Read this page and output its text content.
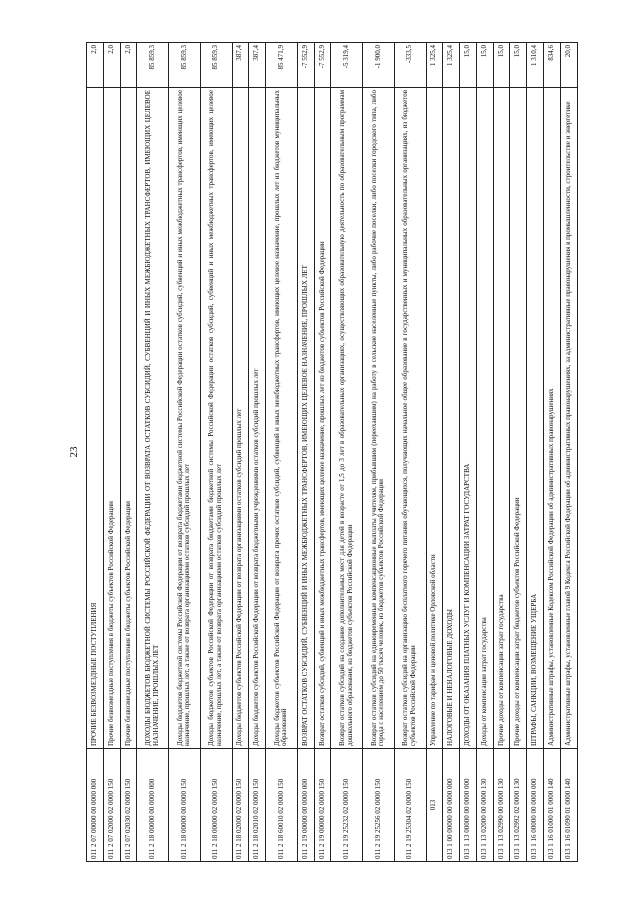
23
011 2 07 00000 00 0000 000	ПРОЧИЕ БЕЗВОЗМЕЗДНЫЕ ПОСТУПЛЕНИЯ	2,0
011 2 07 02000 02 0000 150	Прочие безвозмездные поступления в бюджеты субъектов Российской Федерации	2,0
011 2 07 02030 02 0000 150	Прочие безвозмездные поступления в бюджеты субъектов Российской Федерации	2,0
011 2 18 00000 00 0000 000	ДОХОДЫ БЮДЖЕТОВ БЮДЖЕТНОЙ СИСТЕМЫ РОССИЙСКОЙ ФЕДЕРАЦИИ ОТ ВОЗВРАТА ОСТАТКОВ СУБСИДИЙ, СУБВЕНЦИЙ И ИНЫХ МЕЖБЮДЖЕТНЫХ ТРАНСФЕРТОВ, ИМЕЮЩИХ ЦЕЛЕВОЕ НАЗНАЧЕНИЕ, ПРОШЛЫХ ЛЕТ	85 859,3
011 2 18 00000 00 0000 150	Доходы бюджетов бюджетной системы Российской Федерации от возврата бюджетами бюджетной системы Российской Федерации остатков субсидий, субвенций и иных межбюджетных трансфертов, имеющих целевое назначение, прошлых лет, а также от возврата организациями остатков субсидий прошлых лет	85 859,3
011 2 18 00000 02 0000 150	Доходы бюджетов субъектов Российской Федерации от возврата бюджетами бюджетной системы Российской Федерации остатков субсидий, субвенций и иных межбюджетных трансфертов, имеющих целевое назначение, прошлых лет, а также от возврата организациями остатков субсидий прошлых лет	85 859,3
011 2 18 02000 02 0000 150	Доходы бюджетов субъектов Российской Федерации от возврата организациями остатков субсидий прошлых лет	387,4
011 2 18 02010 02 0000 150	Доходы бюджетов субъектов Российской Федерации от возврата бюджетными учреждениями остатков субсидий прошлых лет	387,4
011 2 18 60010 02 0000 150	Доходы бюджетов субъектов Российской Федерации от возврата прочих остатков субсидий, субвенций и иных межбюджетных трансфертов, имеющих целевое назначение, прошлых лет из бюджетов муниципальных образований	85 471,9
011 2 19 00000 00 0000 000	ВОЗВРАТ ОСТАТКОВ СУБСИДИЙ, СУБВЕНЦИЙ И ИНЫХ МЕЖБЮДЖЕТНЫХ ТРАНСФЕРТОВ, ИМЕЮЩИХ ЦЕЛЕВОЕ НАЗНАЧЕНИЕ, ПРОШЛЫХ ЛЕТ	-7 552,9
011 2 19 00000 02 0000 150	Возврат остатков субсидий, субвенций и иных межбюджетных трансфертов, имеющих целевое назначение, прошлых лет из бюджетов субъектов Российской Федерации	-7 552,9
011 2 19 25232 02 0000 150	Возврат остатков субсидий на создание дополнительных мест для детей в возрасте от 1,5 до 3 лет в образовательных организациях, осуществляющих образовательную деятельность по образовательным программам дошкольного образования, из бюджетов субъектов Российской Федерации	-5 319,4
011 2 19 25256 02 0000 150	Возврат остатков субсидий на единовременные компенсационные выплаты учителям, прибывшим (переехавшим) на работу в сельские населенные пункты, либо рабочие поселки, либо поселки городского типа, либо города с населением до 50 тысяч человек, из бюджетов субъектов Российской Федерации	-1 900,0
011 2 19 25304 02 0000 150	Возврат остатков субсидий на организацию бесплатного горячего питания обучающихся, получающих начальное общее образование в государственных и муниципальных образовательных организациях, из бюджетов субъектов Российской Федерации	-333,5
013	Управление по тарифам и ценовой политике Орловской области	1 325,4
013 1 00 00000 00 0000 000	НАЛОГОВЫЕ И НЕНАЛОГОВЫЕ ДОХОДЫ	1 325,4
013 1 13 00000 00 0000 000	ДОХОДЫ ОТ ОКАЗАНИЯ ПЛАТНЫХ УСЛУГ И КОМПЕНСАЦИИ ЗАТРАТ ГОСУДАРСТВА	15,0
013 1 13 02000 00 0000 130	Доходы от компенсации затрат государства	15,0
013 1 13 02990 00 0000 130	Прочие доходы от компенсации затрат государства	15,0
013 1 13 02992 02 0000 130	Прочие доходы от компенсации затрат бюджетов субъектов Российской Федерации	15,0
013 1 16 00000 00 0000 000	ШТРАФЫ, САНКЦИИ, ВОЗМЕЩЕНИЕ УЩЕРБА	1 310,4
013 1 16 01000 01 0000 140	Административные штрафы, установленные Кодексом Российской Федерации об административных правонарушениях	834,6
013 1 16 01090 01 0000 140	Административные штрафы, установленные главой 9 Кодекса Российской Федерации об административных правонарушениях, за административные правонарушения в промышленности, строительстве и энергетике	20,0
